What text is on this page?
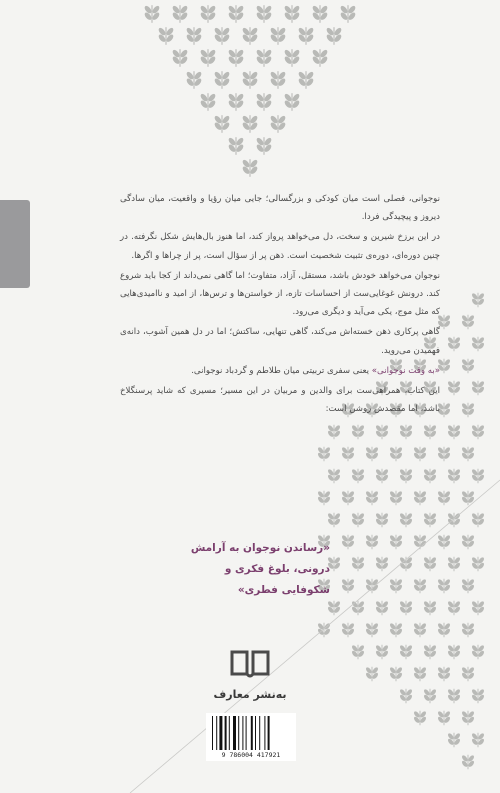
نوجوانی، فصلی است میان کودکی و بزرگسالی؛ جایی میان رؤیا و واقعیت، میان سادگی دیروز و پیچیدگی فردا.

در این برزخ شیرین و سخت، دل می‌خواهد پرواز کند، اما هنوز بال‌هایش شکل نگرفته. در چنین دوره‌ای، دوره‌ی تثبیت شخصیت است. ذهن پر از سؤال است، پر از چراها و اگرها.

نوجوان می‌خواهد خودش باشد، مستقل، آزاد، متفاوت؛ اما گاهی نمی‌داند از کجا باید شروع کند. درونش غوغایی‌ست از احساسات تازه، از خواستن‌ها و ترس‌ها، از امید و ناامیدی‌هایی که مثل موج، یکی می‌آید و دیگری می‌رود.

گاهی پرکاری ذهن خسته‌اش می‌کند، گاهی تنهایی، ساکتش؛ اما در دل همین آشوب، دانه‌ی فهمیدن می‌روید.

«به وقت نوجوانی» یعنی سفری تربیتی میان طلاطم و گردباد نوجوانی.

این کتاب، همراهی‌ست برای والدین و مربیان در این مسیر؛ مسیری که شاید پرسنگلاخ باشد، اما مقصدش روشن است:

«رساندن نوجوان به آرامش
درونی، بلوغ فکری و
شکوفایی فطری»
به‌نشر معارف
9 786004 417921
